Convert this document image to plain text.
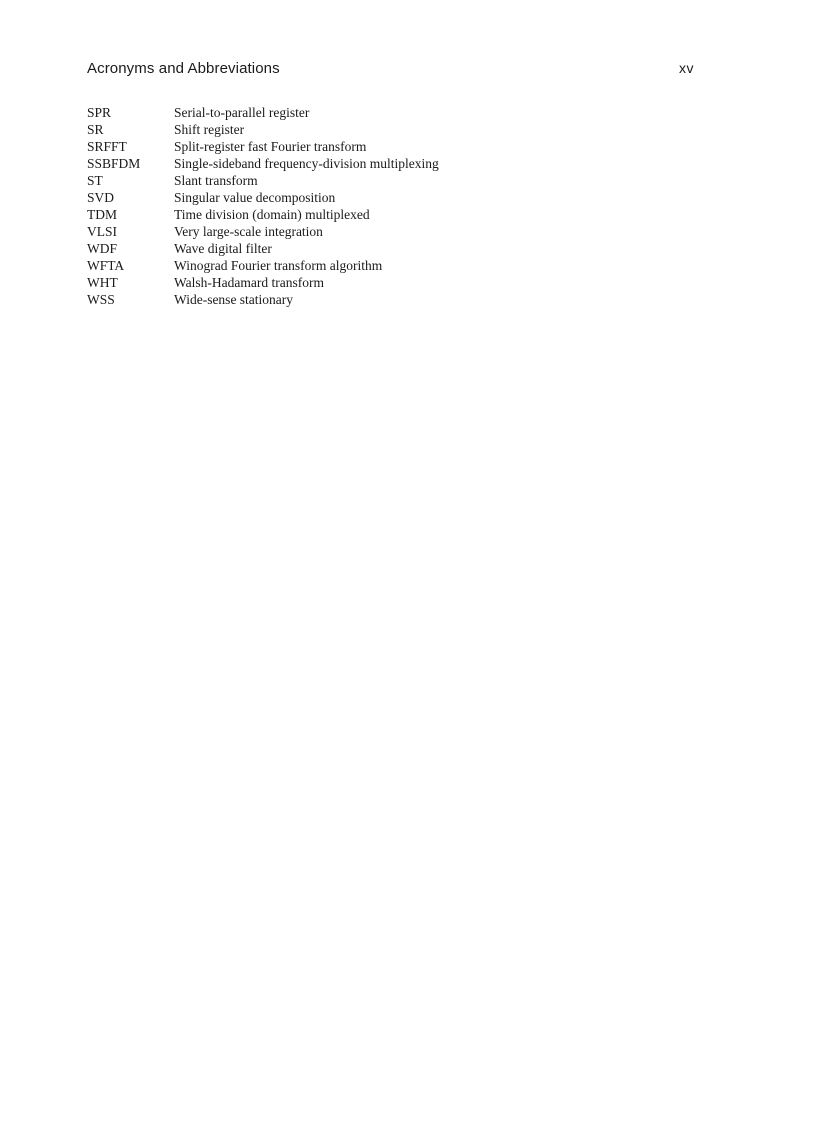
Acronyms and Abbreviations	xv
SPR	Serial-to-parallel register
SR	Shift register
SRFFT	Split-register fast Fourier transform
SSBFDM	Single-sideband frequency-division multiplexing
ST	Slant transform
SVD	Singular value decomposition
TDM	Time division (domain) multiplexed
VLSI	Very large-scale integration
WDF	Wave digital filter
WFTA	Winograd Fourier transform algorithm
WHT	Walsh-Hadamard transform
WSS	Wide-sense stationary
